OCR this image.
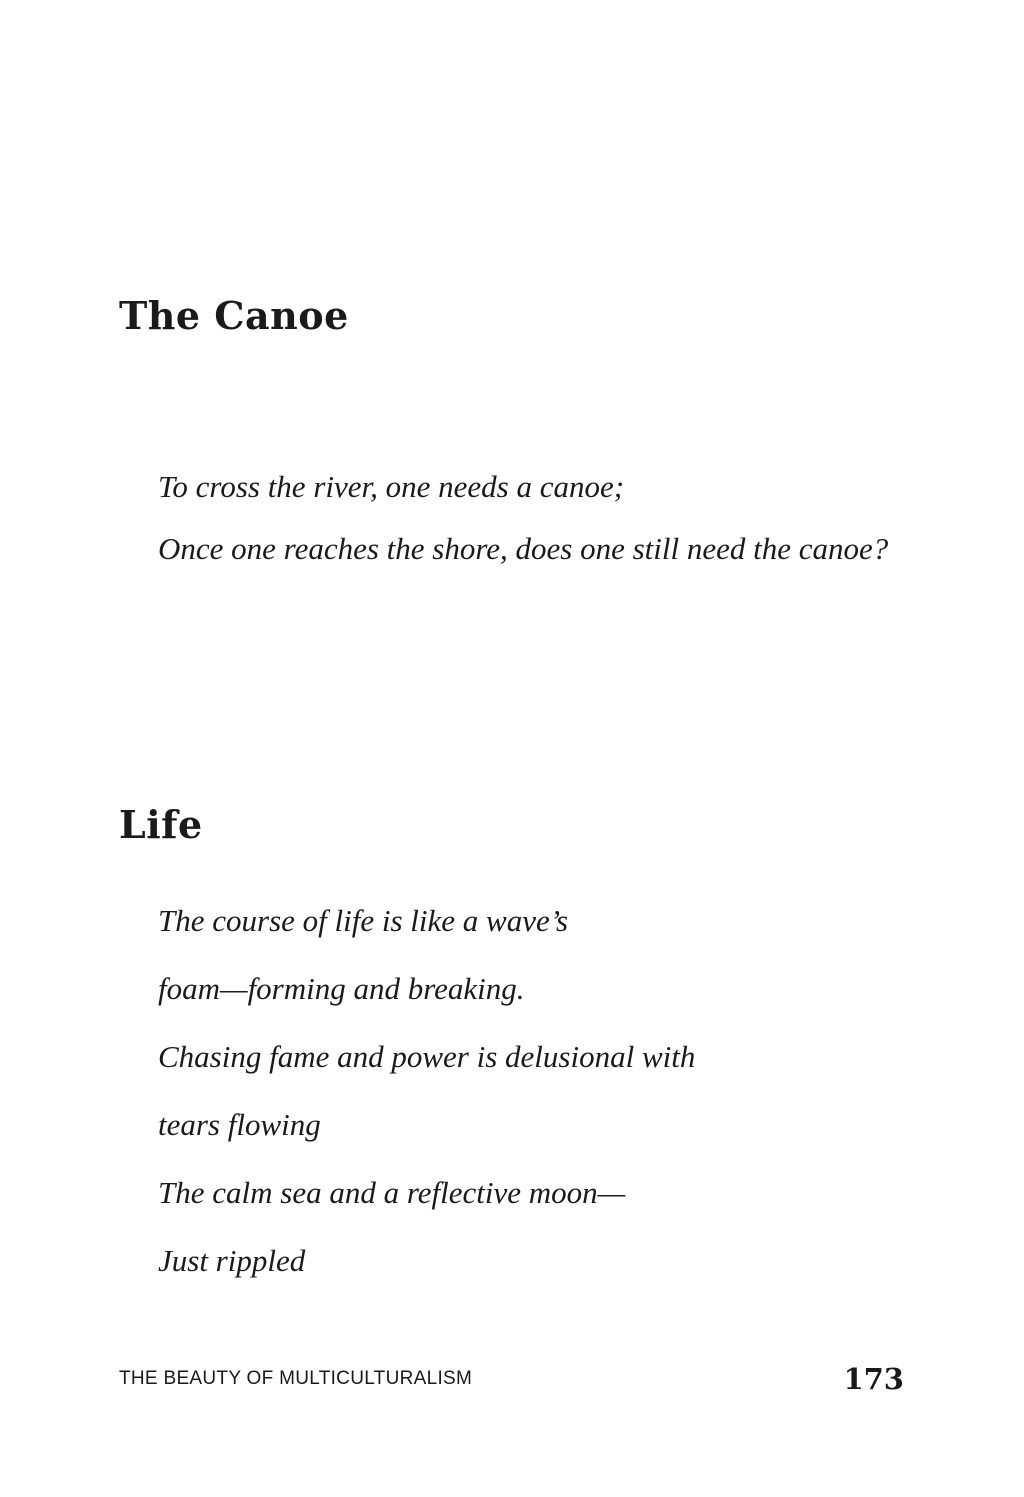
The Canoe
To cross the river, one needs a canoe;
Once one reaches the shore, does one still need the canoe?
Life
The course of life is like a wave’s
foam—forming and breaking.
Chasing fame and power is delusional with
tears flowing
The calm sea and a reflective moon—
Just rippled
THE BEAUTY OF MULTICULTURALISM	173
